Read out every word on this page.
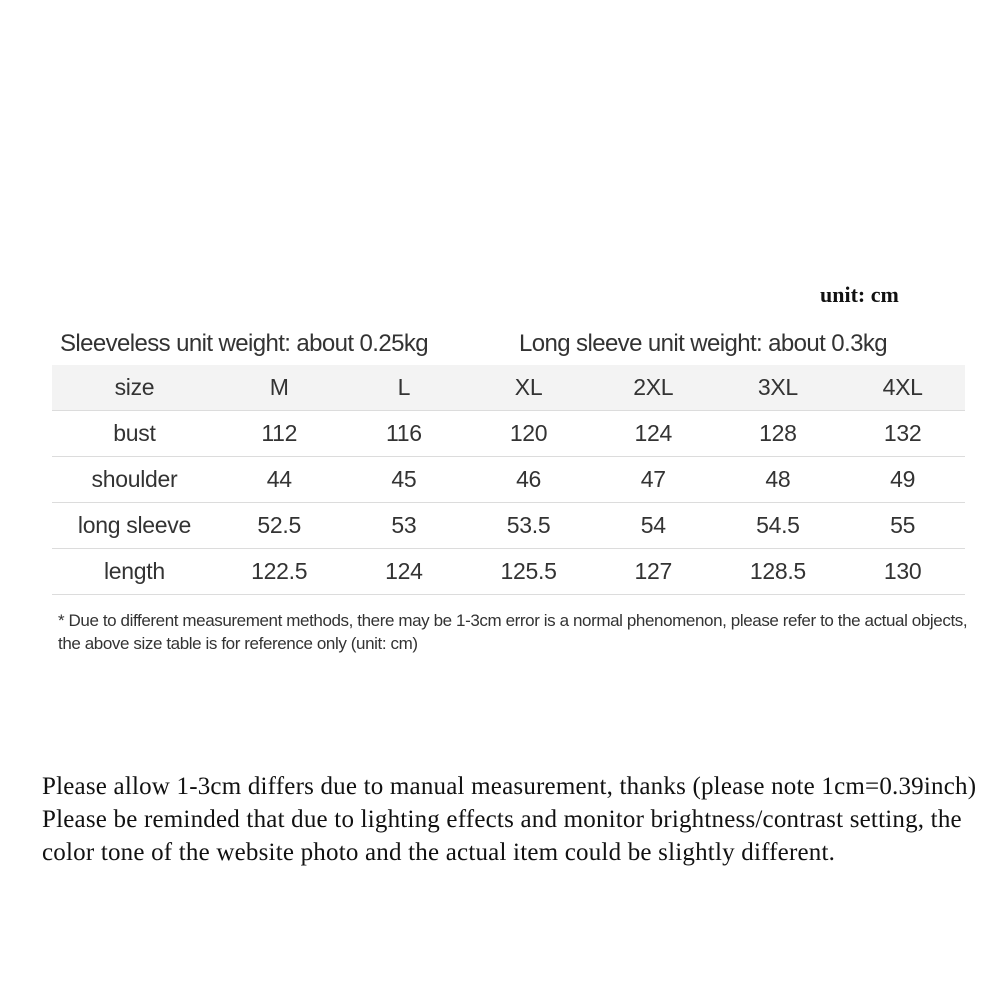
unit: cm
Sleeveless unit weight: about 0.25kg	Long sleeve unit weight: about 0.3kg
size	M	L	XL	2XL	3XL	4XL
bust	112	116	120	124	128	132
shoulder	44	45	46	47	48	49
long sleeve	52.5	53	53.5	54	54.5	55
length	122.5	124	125.5	127	128.5	130
* Due to different measurement methods, there may be 1-3cm error is a normal phenomenon, please refer to the actual objects, the above size table is for reference only (unit: cm)
Please allow 1-3cm differs due to manual measurement, thanks (please note 1cm=0.39inch) Please be reminded that due to lighting effects and monitor brightness/contrast setting, the color tone of the website photo and the actual item could be slightly different.
